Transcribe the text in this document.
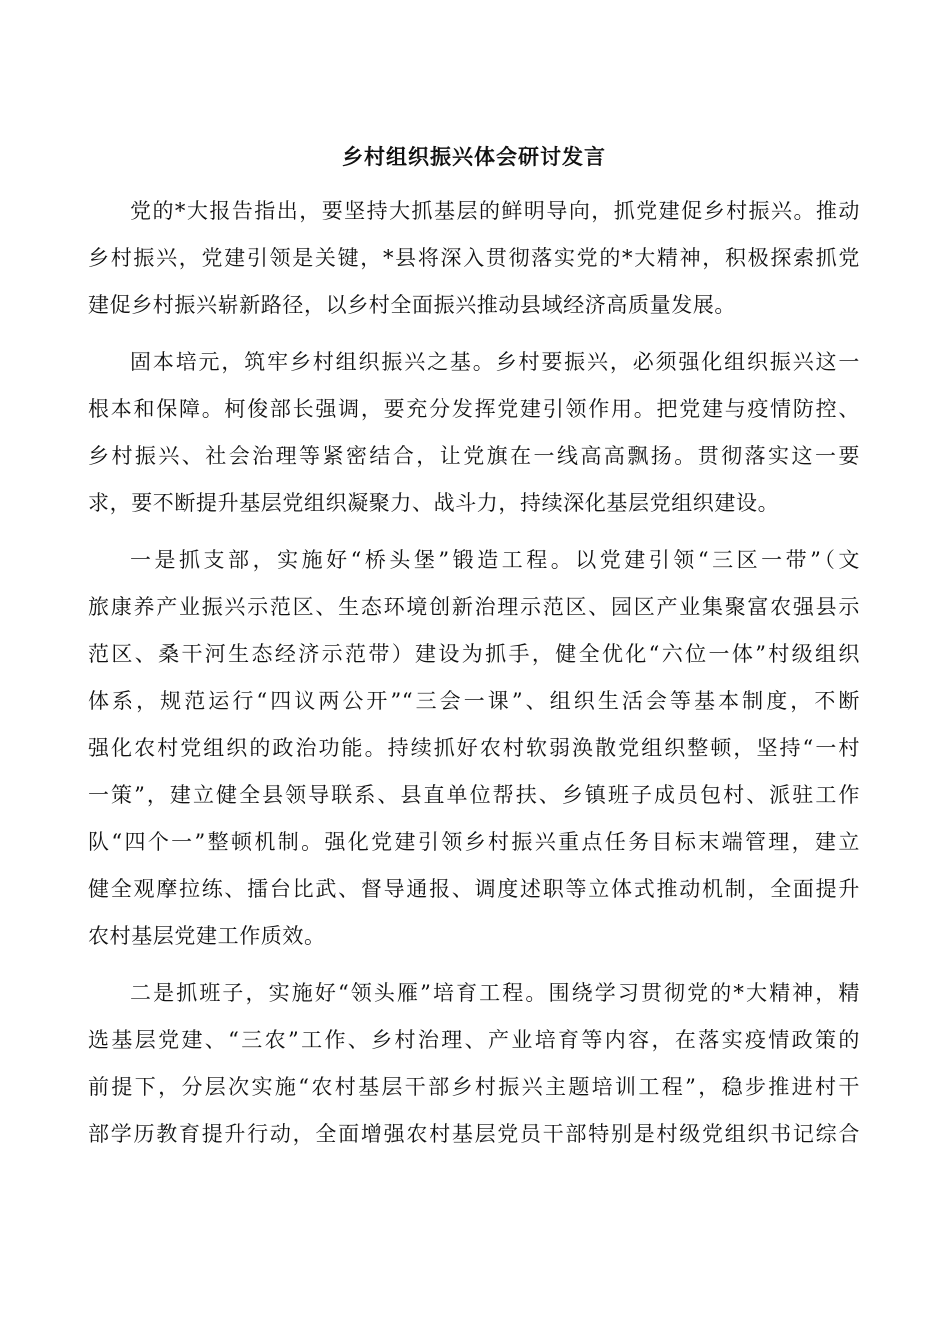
乡村组织振兴体会研讨发言
党的*大报告指出，要坚持大抓基层的鲜明导向，抓党建促乡村振兴。推动
乡村振兴，党建引领是关键，*县将深入贯彻落实党的*大精神，积极探索抓党
建促乡村振兴崭新路径，以乡村全面振兴推动县域经济高质量发展。
固本培元，筑牢乡村组织振兴之基。乡村要振兴，必须强化组织振兴这一
根本和保障。柯俊部长强调，要充分发挥党建引领作用。把党建与疫情防控、
乡村振兴、社会治理等紧密结合，让党旗在一线高高飘扬。贯彻落实这一要
求，要不断提升基层党组织凝聚力、战斗力，持续深化基层党组织建设。
一是抓支部，实施好“桥头堡”锻造工程。以党建引领“三区一带”（文
旅康养产业振兴示范区、生态环境创新治理示范区、园区产业集聚富农强县示
范区、桑干河生态经济示范带）建设为抓手，健全优化“六位一体”村级组织
体系，规范运行“四议两公开”“三会一课”、组织生活会等基本制度，不断
强化农村党组织的政治功能。持续抓好农村软弱涣散党组织整顿，坚持“一村
一策”，建立健全县领导联系、县直单位帮扶、乡镇班子成员包村、派驻工作
队“四个一”整顿机制。强化党建引领乡村振兴重点任务目标末端管理，建立
健全观摩拉练、擂台比武、督导通报、调度述职等立体式推动机制，全面提升
农村基层党建工作质效。
二是抓班子，实施好“领头雁”培育工程。围绕学习贯彻党的*大精神，精
选基层党建、“三农”工作、乡村治理、产业培育等内容，在落实疫情政策的
前提下，分层次实施“农村基层干部乡村振兴主题培训工程”，稳步推进村干
部学历教育提升行动，全面增强农村基层党员干部特别是村级党组织书记综合
